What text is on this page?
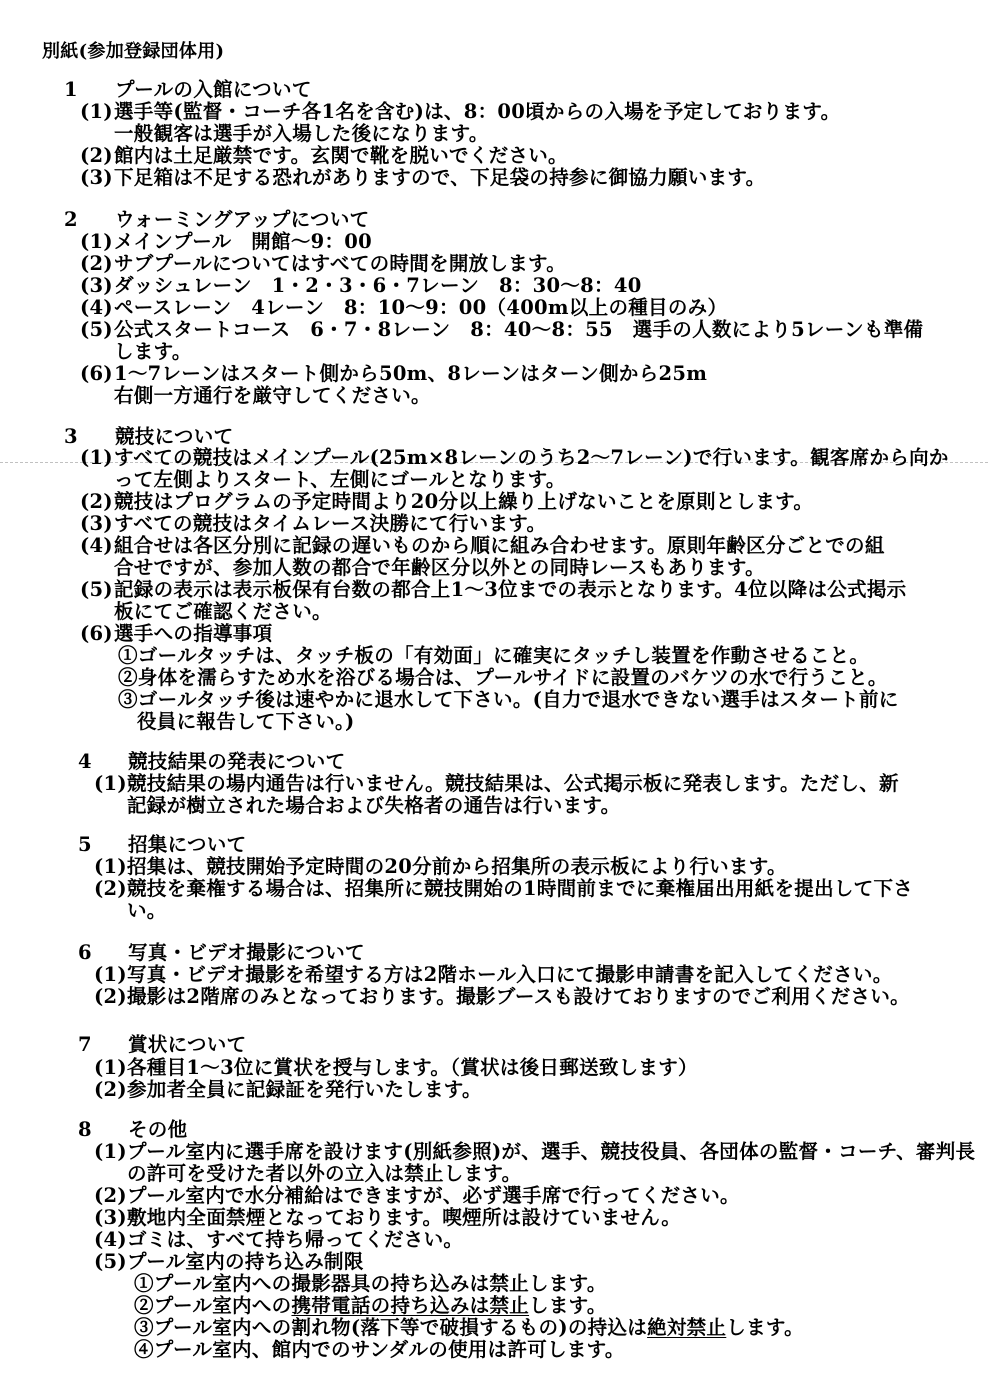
別紙(参加登録団体用)
1 プールの入館について
(1) 選手等(監督・コーチ各1名を含む)は、8：00頃からの入場を予定しております。
一般観客は選手が入場した後になります。
(2) 館内は土足厳禁です。玄関で靴を脱いでください。
(3) 下足箱は不足する恐れがありますので、下足袋の持参に御協力願います。
2 ウォーミングアップについて
(1) メインプール　開館～9：00
(2) サブプールについてはすべての時間を開放します。
(3) ダッシュレーン　1・2・3・6・7レーン　8：30～8：40
(4) ペースレーン　4レーン　8：10～9：00（400m以上の種目のみ）
(5) 公式スタートコース　6・7・8レーン　8：40～8：55　選手の人数により5レーンも準備
します。
(6) 1～7レーンはスタート側から50m、8レーンはターン側から25m
右側一方通行を厳守してください。
3 競技について
(1) すべての競技はメインプール(25m×8レーンのうち2～7レーン)で行います。観客席から向か
って左側よりスタート、左側にゴールとなります。
(2) 競技はプログラムの予定時間より20分以上繰り上げないことを原則とします。
(3) すべての競技はタイムレース決勝にて行います。
(4) 組合せは各区分別に記録の遅いものから順に組み合わせます。原則年齢区分ごとでの組
合せですが、参加人数の都合で年齢区分以外との同時レースもあります。
(5) 記録の表示は表示板保有台数の都合上1～3位までの表示となります。4位以降は公式掲示
板にてご確認ください。
(6) 選手への指導事項
①ゴールタッチは、タッチ板の「有効面」に確実にタッチし装置を作動させること。
②身体を濡らすため水を浴びる場合は、プールサイドに設置のバケツの水で行うこと。
③ゴールタッチ後は速やかに退水して下さい。(自力で退水できない選手はスタート前に
役員に報告して下さい。)
4 競技結果の発表について
(1) 競技結果の場内通告は行いません。競技結果は、公式掲示板に発表します。ただし、新
記録が樹立された場合および失格者の通告は行います。
5 招集について
(1) 招集は、競技開始予定時間の20分前から招集所の表示板により行います。
(2) 競技を棄権する場合は、招集所に競技開始の1時間前までに棄権届出用紙を提出して下さ
い。
6 写真・ビデオ撮影について
(1) 写真・ビデオ撮影を希望する方は2階ホール入口にて撮影申請書を記入してください。
(2) 撮影は2階席のみとなっております。撮影ブースも設けておりますのでご利用ください。
7 賞状について
(1) 各種目1～3位に賞状を授与します。（賞状は後日郵送致します）
(2) 参加者全員に記録証を発行いたします。
8 その他
(1) プール室内に選手席を設けます(別紙参照)が、選手、競技役員、各団体の監督・コーチ、審判長
の許可を受けた者以外の立入は禁止します。
(2) プール室内で水分補給はできますが、必ず選手席で行ってください。
(3) 敷地内全面禁煙となっております。喫煙所は設けていません。
(4) ゴミは、すべて持ち帰ってください。
(5) プール室内の持ち込み制限
①プール室内への撮影器具の持ち込みは禁止します。
②プール室内への携帯電話の持ち込みは禁止します。
③プール室内への割れ物(落下等で破損するもの)の持込は絶対禁止します。
④プール室内、館内でのサンダルの使用は許可します。
